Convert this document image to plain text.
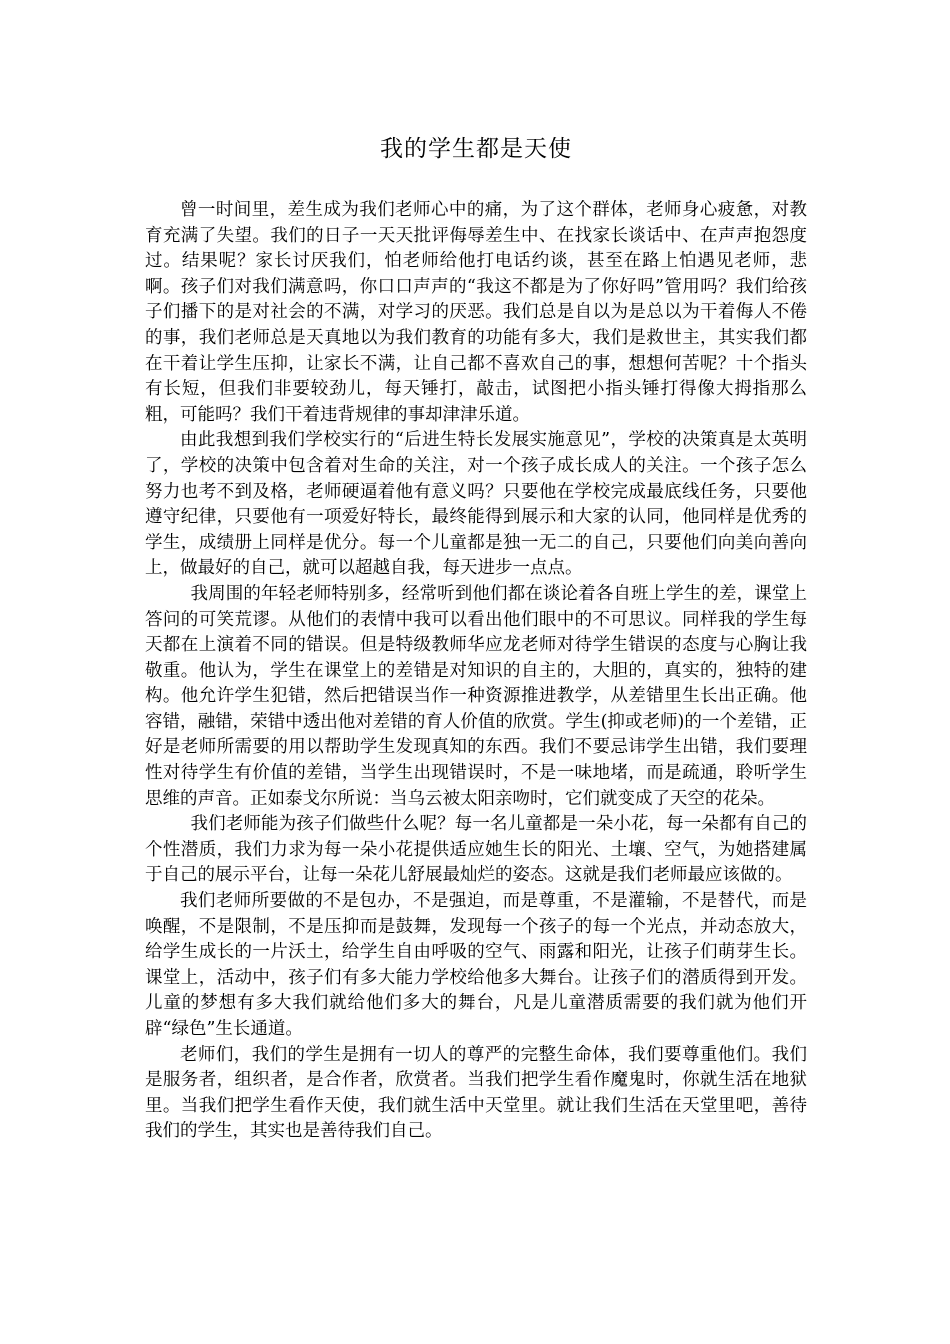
我的学生都是天使

曾一时间里，差生成为我们老师心中的痛，为了这个群体，老师身心疲惫，对教育充满了失望。我们的日子一天天批评侮辱差生中、在找家长谈话中、在声声抱怨度过。结果呢？家长讨厌我们，怕老师给他打电话约谈，甚至在路上怕遇见老师，悲啊。孩子们对我们满意吗，你口口声声的“我这不都是为了你好吗”管用吗？我们给孩子们播下的是对社会的不满，对学习的厌恶。我们总是自以为是总以为干着侮人不倦的事，我们老师总是天真地以为我们教育的功能有多大，我们是救世主，其实我们都在干着让学生压抑，让家长不满，让自己都不喜欢自己的事，想想何苦呢？十个指头有长短，但我们非要较劲儿，每天锤打，敲击，试图把小指头锤打得像大拇指那么粗，可能吗？我们干着违背规律的事却津津乐道。

由此我想到我们学校实行的“后进生特长发展实施意见”，学校的决策真是太英明了，学校的决策中包含着对生命的关注，对一个孩子成长成人的关注。一个孩子怎么努力也考不到及格，老师硬逼着他有意义吗？只要他在学校完成最底线任务，只要他遵守纪律，只要他有一项爱好特长，最终能得到展示和大家的认同，他同样是优秀的学生，成绩册上同样是优分。每一个儿童都是独一无二的自己，只要他们向美向善向上，做最好的自己，就可以超越自我，每天进步一点点。

我周围的年轻老师特别多，经常听到他们都在谈论着各自班上学生的差，课堂上答问的可笑荒谬。从他们的表情中我可以看出他们眼中的不可思议。同样我的学生每天都在上演着不同的错误。但是特级教师华应龙老师对待学生错误的态度与心胸让我敬重。他认为，学生在课堂上的差错是对知识的自主的，大胆的，真实的，独特的建构。他允许学生犯错，然后把错误当作一种资源推进教学，从差错里生长出正确。他容错，融错，荣错中透出他对差错的育人价值的欣赏。学生(抑或老师)的一个差错，正好是老师所需要的用以帮助学生发现真知的东西。我们不要忌讳学生出错，我们要理性对待学生有价值的差错，当学生出现错误时，不是一味地堵，而是疏通，聆听学生思维的声音。正如泰戈尔所说：当乌云被太阳亲吻时，它们就变成了天空的花朵。

我们老师能为孩子们做些什么呢？每一名儿童都是一朵小花，每一朵都有自己的个性潜质，我们力求为每一朵小花提供适应她生长的阳光、土壤、空气，为她搭建属于自己的展示平台，让每一朵花儿舒展最灿烂的姿态。这就是我们老师最应该做的。

我们老师所要做的不是包办，不是强迫，而是尊重，不是灌输，不是替代，而是唤醒，不是限制，不是压抑而是鼓舞，发现每一个孩子的每一个光点，并动态放大，给学生成长的一片沃土，给学生自由呼吸的空气、雨露和阳光，让孩子们萌芽生长。课堂上，活动中，孩子们有多大能力学校给他多大舞台。让孩子们的潜质得到开发。儿童的梦想有多大我们就给他们多大的舞台，凡是儿童潜质需要的我们就为他们开辟“绿色”生长通道。

老师们，我们的学生是拥有一切人的尊严的完整生命体，我们要尊重他们。我们是服务者，组织者，是合作者，欣赏者。当我们把学生看作魔鬼时，你就生活在地狱里。当我们把学生看作天使，我们就生活中天堂里。就让我们生活在天堂里吧，善待我们的学生，其实也是善待我们自己。
